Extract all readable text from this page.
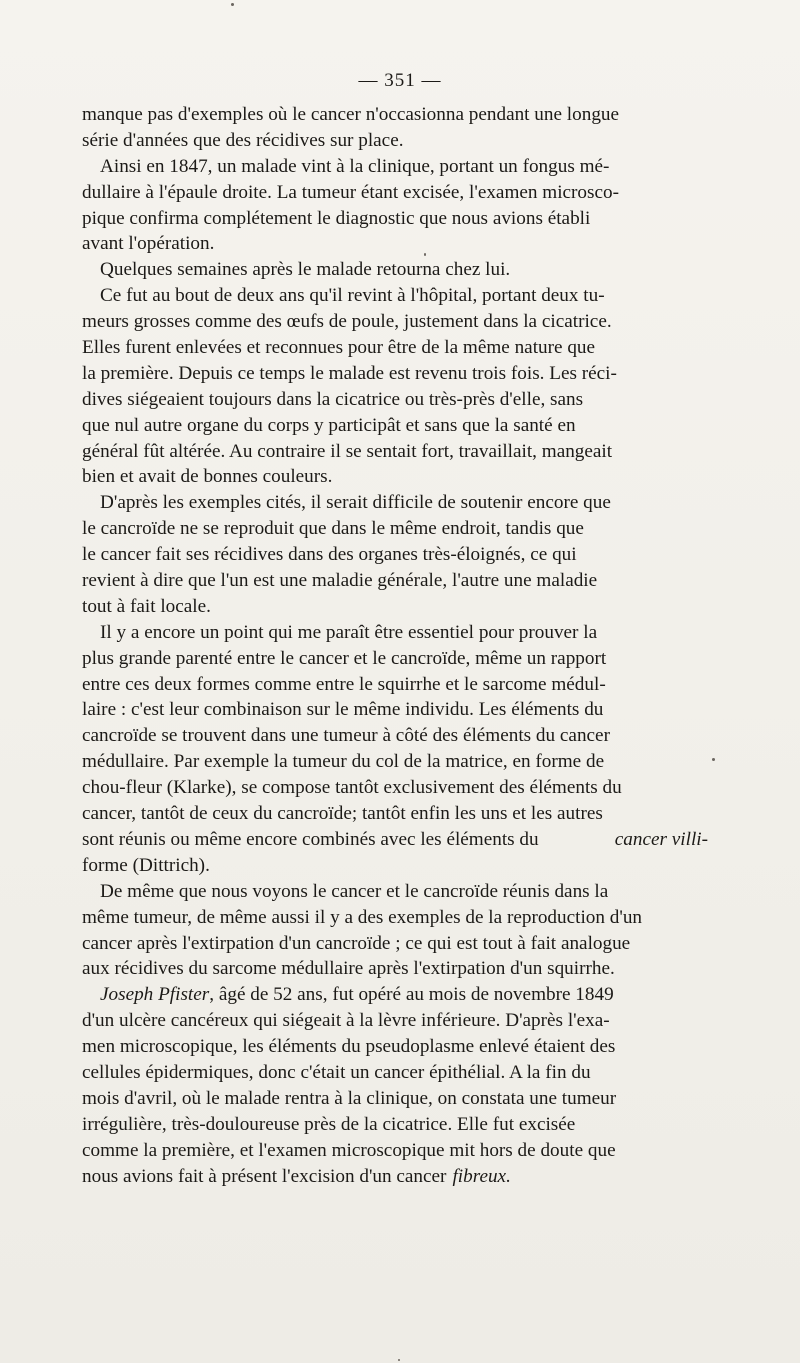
— 351 —
manque pas d'exemples où le cancer n'occasionna pendant une longue
série d'années que des récidives sur place.
Ainsi en 1847, un malade vint à la clinique, portant un fongus mé-
dullaire à l'épaule droite. La tumeur étant excisée, l'examen microsco-
pique confirma complétement le diagnostic que nous avions établi
avant l'opération.
Quelques semaines après le malade retourna chez lui.
Ce fut au bout de deux ans qu'il revint à l'hôpital, portant deux tu-
meurs grosses comme des œufs de poule, justement dans la cicatrice.
Elles furent enlevées et reconnues pour être de la même nature que
la première. Depuis ce temps le malade est revenu trois fois. Les réci-
dives siégeaient toujours dans la cicatrice ou très-près d'elle, sans
que nul autre organe du corps y participât et sans que la santé en
général fût altérée. Au contraire il se sentait fort, travaillait, mangeait
bien et avait de bonnes couleurs.
D'après les exemples cités, il serait difficile de soutenir encore que
le cancroïde ne se reproduit que dans le même endroit, tandis que
le cancer fait ses récidives dans des organes très-éloignés, ce qui
revient à dire que l'un est une maladie générale, l'autre une maladie
tout à fait locale.
Il y a encore un point qui me paraît être essentiel pour prouver la
plus grande parenté entre le cancer et le cancroïde, même un rapport
entre ces deux formes comme entre le squirrhe et le sarcome médul-
laire : c'est leur combinaison sur le même individu. Les éléments du
cancroïde se trouvent dans une tumeur à côté des éléments du cancer
médullaire. Par exemple la tumeur du col de la matrice, en forme de
chou-fleur (Klarke), se compose tantôt exclusivement des éléments du
cancer, tantôt de ceux du cancroïde; tantôt enfin les uns et les autres
sont réunis ou même encore combinés avec les éléments du	cancer villi-
forme (Dittrich).
De même que nous voyons le cancer et le cancroïde réunis dans la
même tumeur, de même aussi il y a des exemples de la reproduction d'un
cancer après l'extirpation d'un cancroïde ; ce qui est tout à fait analogue
aux récidives du sarcome médullaire après l'extirpation d'un squirrhe.
Joseph Pfister, âgé de 52 ans, fut opéré au mois de novembre 1849
d'un ulcère cancéreux qui siégeait à la lèvre inférieure. D'après l'exa-
men microscopique, les éléments du pseudoplasme enlevé étaient des
cellules épidermiques, donc c'était un cancer épithélial. A la fin du
mois d'avril, où le malade rentra à la clinique, on constata une tumeur
irrégulière, très-douloureuse près de la cicatrice. Elle fut excisée
comme la première, et l'examen microscopique mit hors de doute que
nous avions fait à présent l'excision d'un cancer fibreux.
